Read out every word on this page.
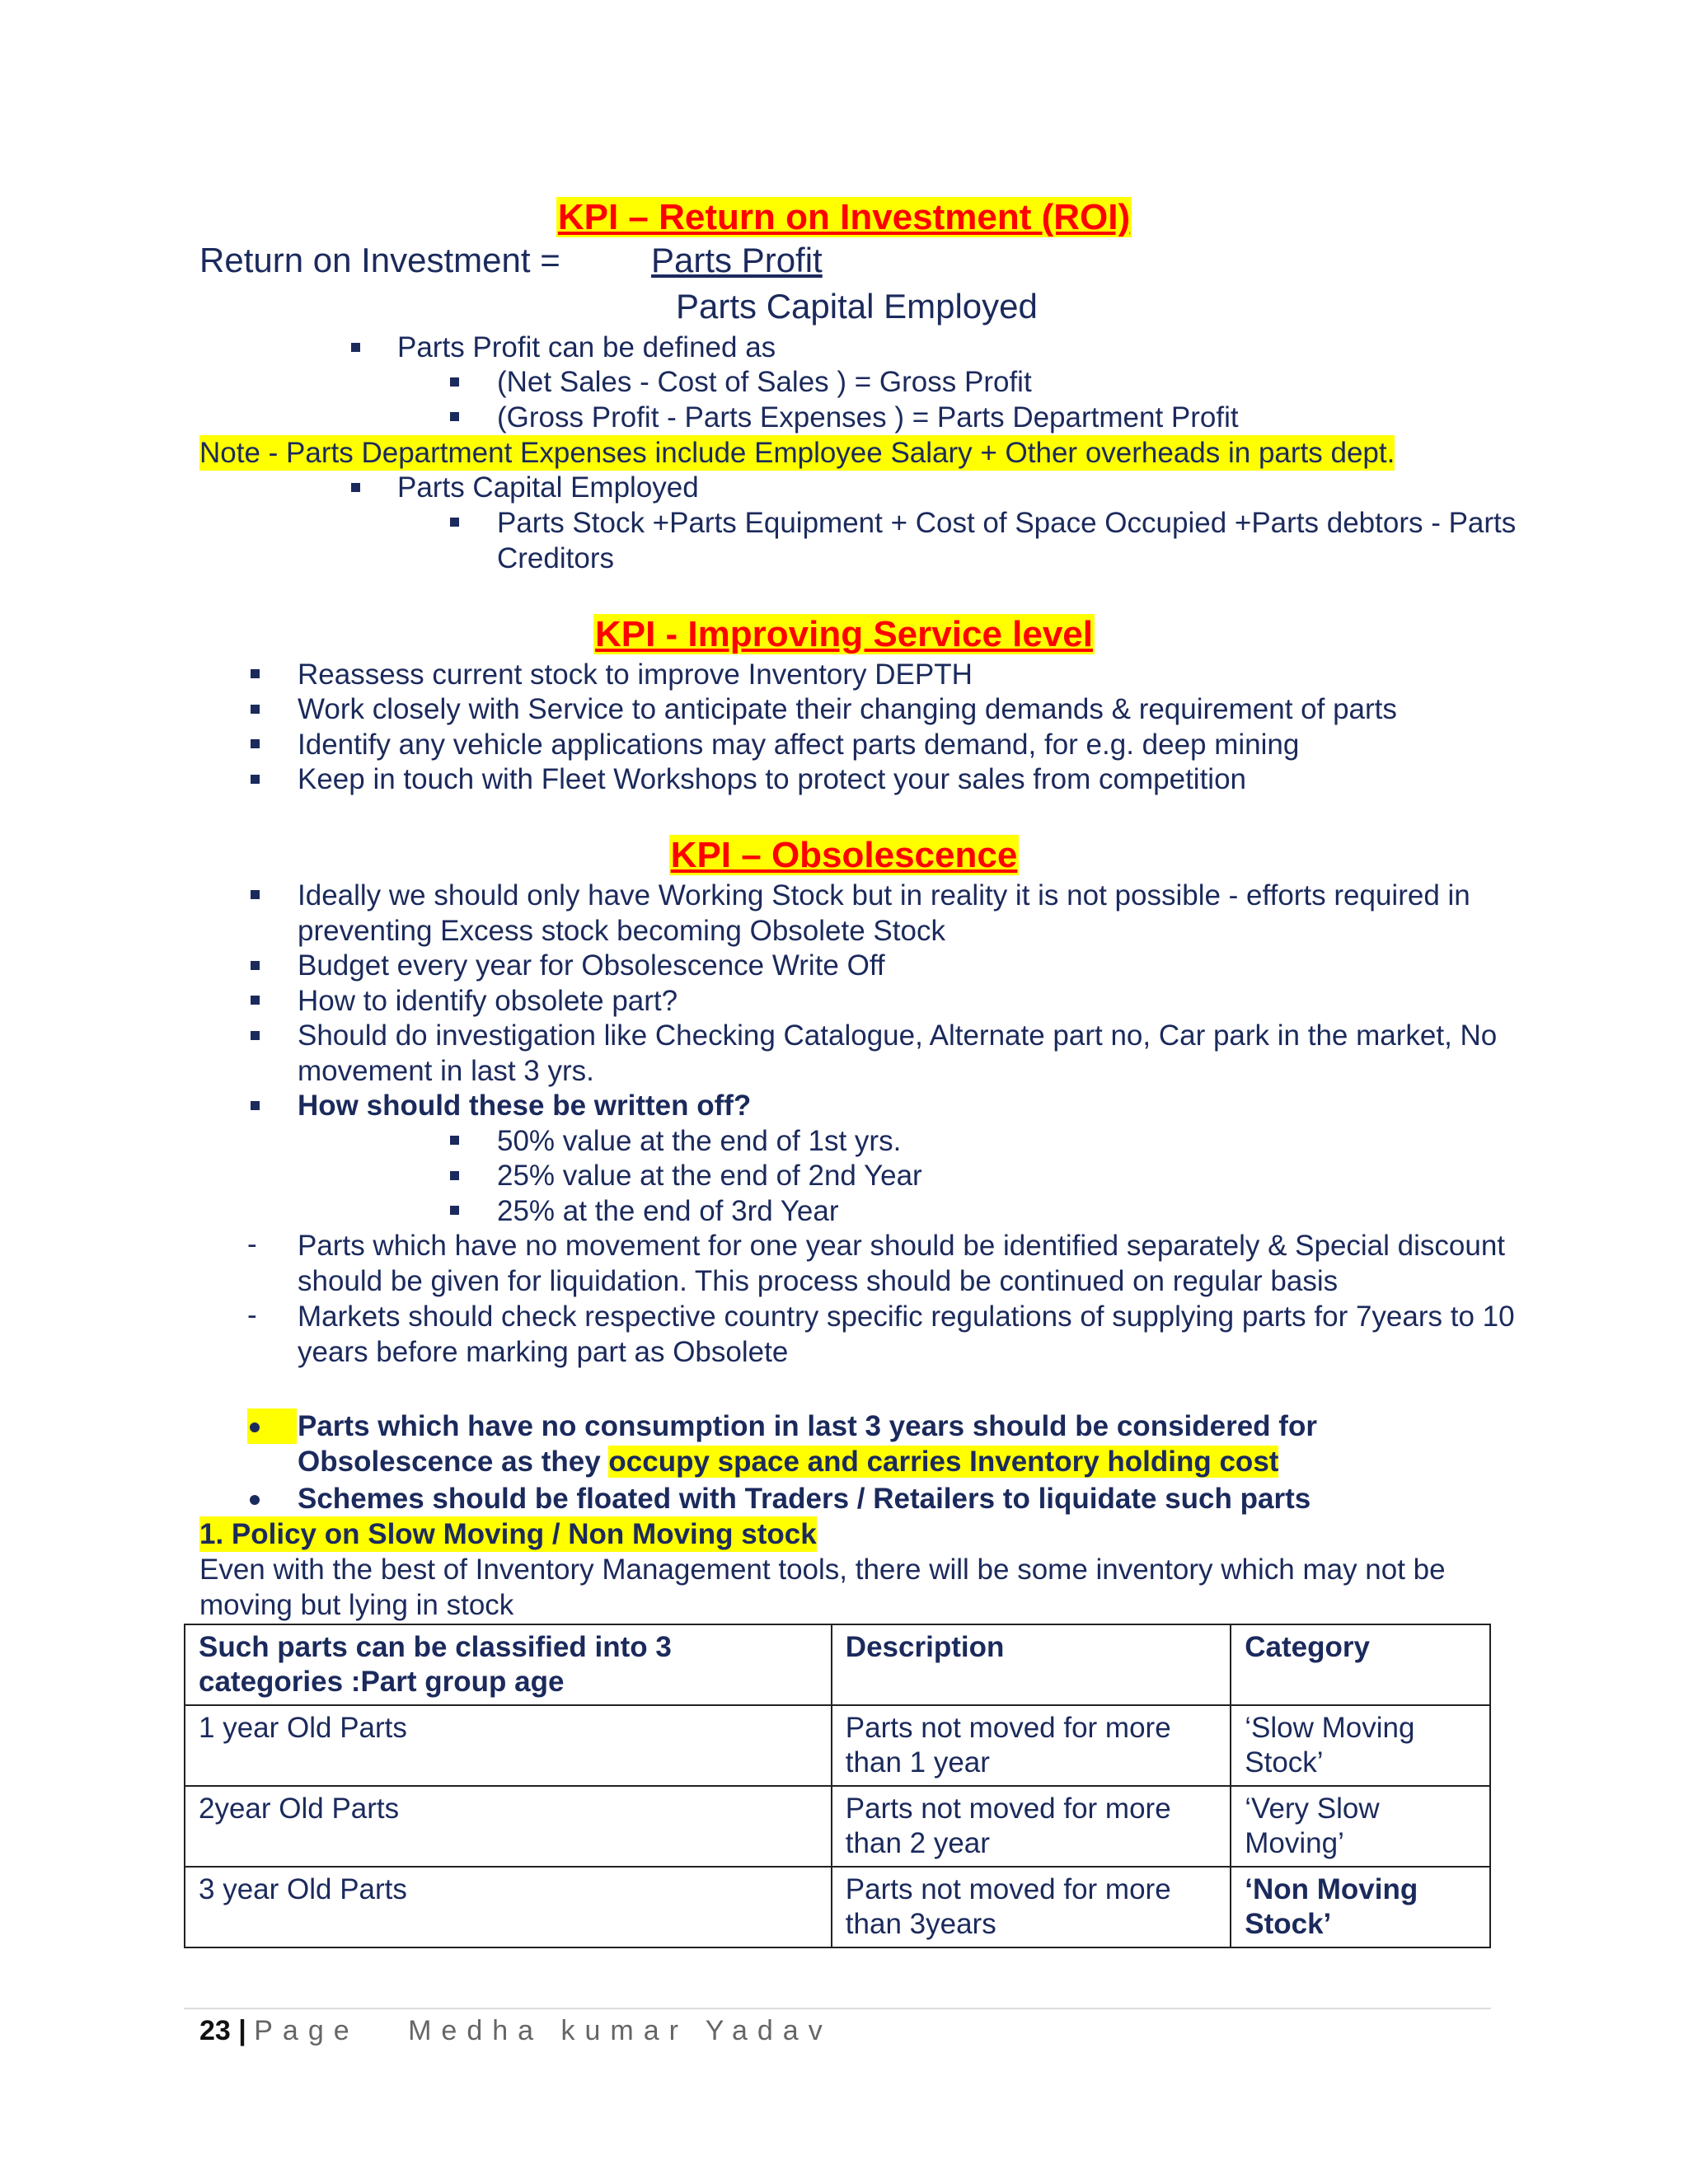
KPI – Return on Investment (ROI)
Return on Investment =	Parts Profit
Parts Capital Employed
Parts Profit can be defined as
(Net Sales - Cost of Sales ) = Gross Profit
(Gross Profit - Parts Expenses ) = Parts Department Profit
Note - Parts Department Expenses include Employee Salary + Other overheads in parts dept.
Parts Capital Employed
Parts Stock +Parts Equipment + Cost of Space Occupied +Parts debtors - Parts
Creditors
KPI - Improving Service level
Reassess current stock to improve Inventory DEPTH
Work closely with Service to anticipate their changing demands & requirement of parts
Identify any vehicle applications may affect parts demand, for e.g. deep mining
Keep in touch with Fleet Workshops to protect your sales from competition
KPI – Obsolescence
Ideally we should only have Working Stock but in reality it is not possible - efforts required in
preventing Excess stock becoming Obsolete Stock
Budget every year for Obsolescence Write Off
How to identify obsolete part?
Should do investigation like Checking Catalogue, Alternate part no, Car park in the market, No
movement in last 3 yrs.
How should these be written off?
50% value at the end of 1st yrs.
25% value at the end of 2nd Year
25% at the end of 3rd Year
- Parts which have no movement for one year should be identified separately & Special discount
should be given for liquidation. This process should be continued on regular basis
- Markets should check respective country specific regulations of supplying parts for 7years to 10
years before marking part as Obsolete
Parts which have no consumption in last 3 years should be considered for
Obsolescence as they occupy space and carries Inventory holding cost
Schemes should be floated with Traders / Retailers to liquidate such parts
1. Policy on Slow Moving / Non Moving stock
Even with the best of Inventory Management tools, there will be some inventory which may not be
moving but lying in stock
Such parts can be classified into 3 categories :Part group age	Description	Category
1 year Old Parts	Parts not moved for more than 1 year	‘Slow Moving Stock’
2year Old Parts	Parts not moved for more than 2 year	‘Very Slow Moving’
3 year Old Parts	Parts not moved for more than 3years	‘Non Moving Stock’
23 | Page Medha kumar Yadav
